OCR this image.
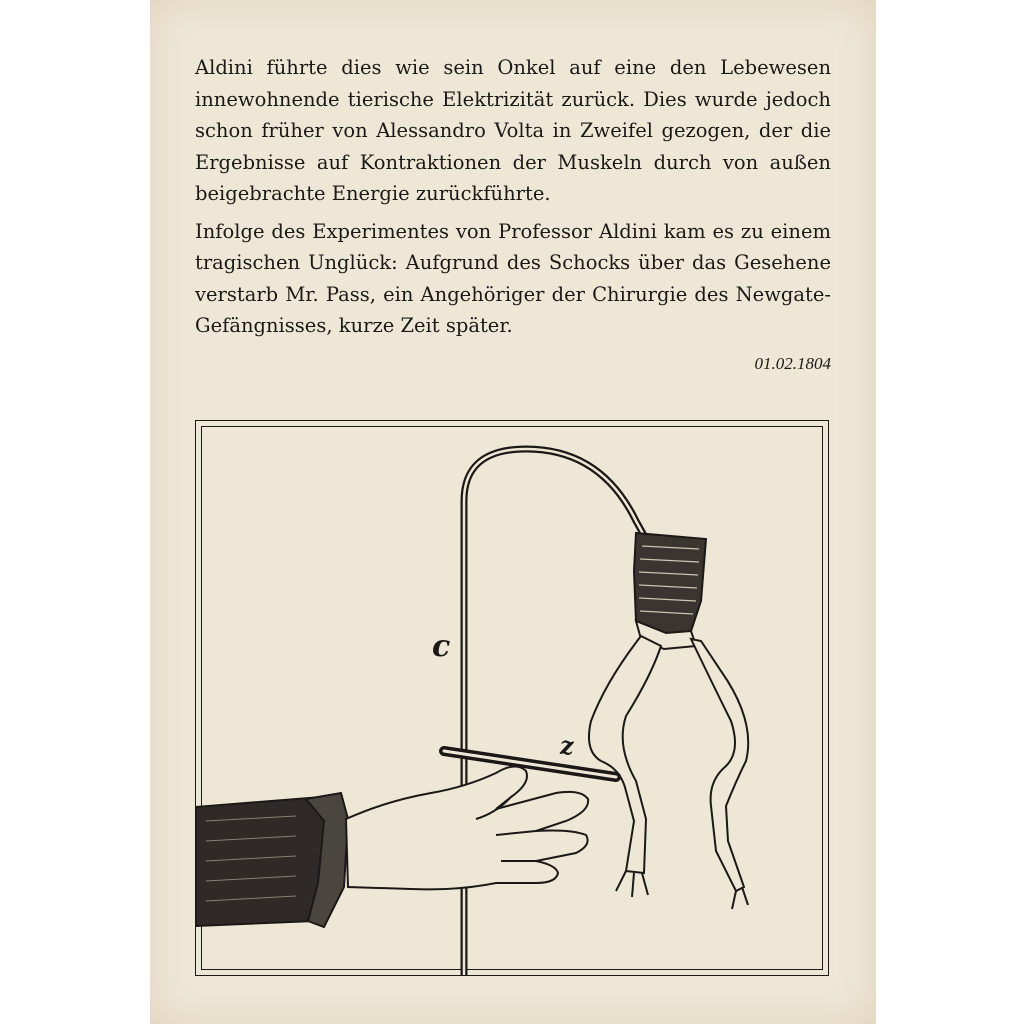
Aldini führte dies wie sein Onkel auf eine den Lebewesen innewohnende tierische Elektrizität zurück. Dies wurde jedoch schon früher von Alessandro Volta in Zweifel gezogen, der die Ergebnisse auf Kontraktionen der Muskeln durch von außen beigebrachte Energie zurückführte.

Infolge des Experimentes von Professor Aldini kam es zu einem tragischen Unglück: Aufgrund des Schocks über das Gesehene verstarb Mr. Pass, ein Angehöriger der Chirurgie des Newgate-Gefängnisses, kurze Zeit später.

01.02.1804
c
z
